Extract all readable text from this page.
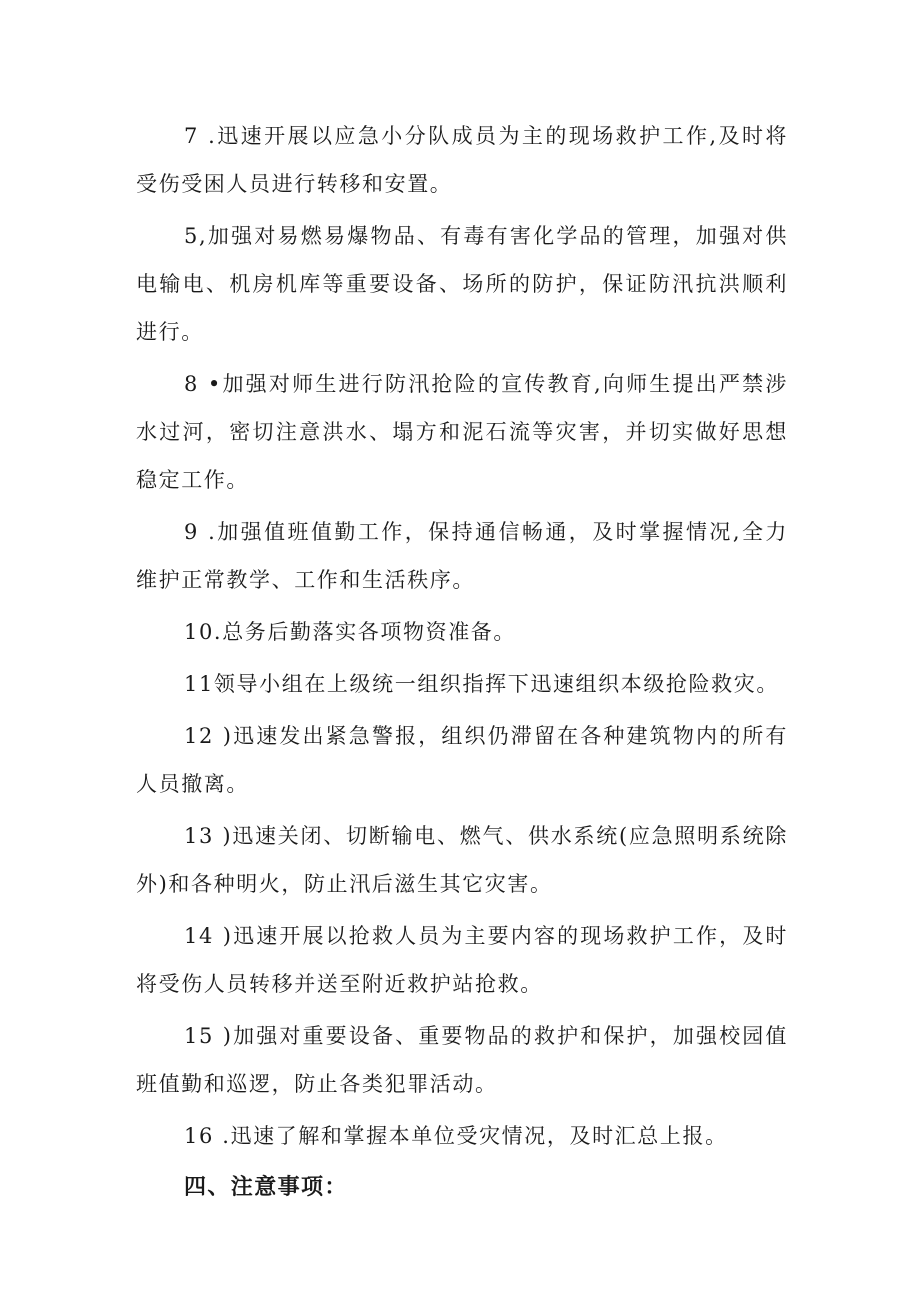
7 .迅速开展以应急小分队成员为主的现场救护工作,及时将受伤受困人员进行转移和安置。

5,加强对易燃易爆物品、有毒有害化学品的管理，加强对供电输电、机房机库等重要设备、场所的防护，保证防汛抗洪顺利进行。

8 •加强对师生进行防汛抢险的宣传教育,向师生提出严禁涉水过河，密切注意洪水、塌方和泥石流等灾害，并切实做好思想稳定工作。

9 .加强值班值勤工作，保持通信畅通，及时掌握情况,全力维护正常教学、工作和生活秩序。

10.总务后勤落实各项物资准备。

11领导小组在上级统一组织指挥下迅速组织本级抢险救灾。

12 )迅速发出紧急警报，组织仍滞留在各种建筑物内的所有人员撤离。

13 )迅速关闭、切断输电、燃气、供水系统(应急照明系统除外)和各种明火，防止汛后滋生其它灾害。

14 )迅速开展以抢救人员为主要内容的现场救护工作，及时将受伤人员转移并送至附近救护站抢救。

15 )加强对重要设备、重要物品的救护和保护，加强校园值班值勤和巡逻，防止各类犯罪活动。

16 .迅速了解和掌握本单位受灾情况，及时汇总上报。

四、注意事项：
